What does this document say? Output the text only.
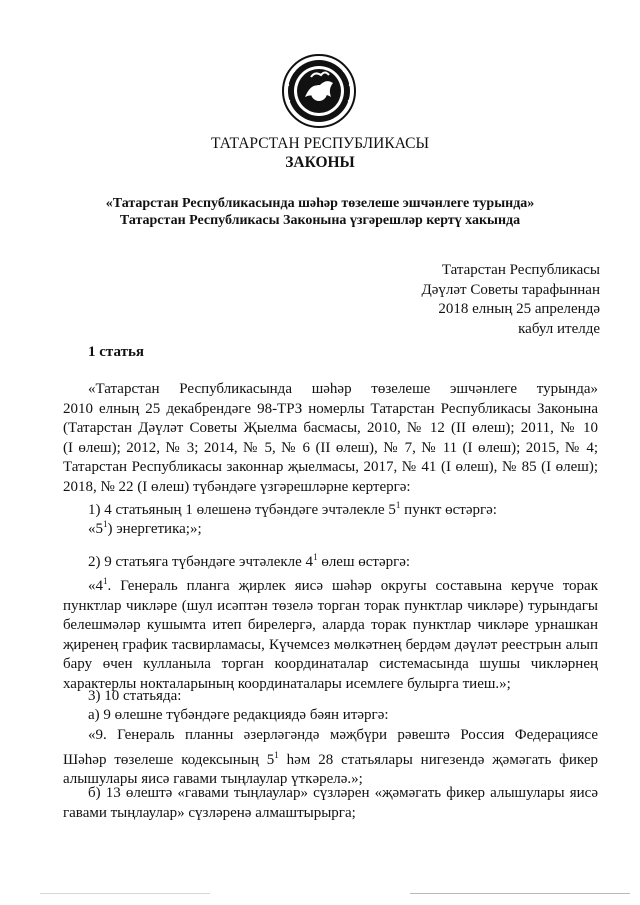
ТАТАРСТАН РЕСПУБЛИКАСЫ
ЗАКОНЫ
«Татарстан Республикасында шәһәр төзелеше эшчәнлеге турында»
Татарстан Республикасы Законына үзгәрешләр кертү хакында
Татарстан Республикасы
Дәүләт Советы тарафыннан
2018 елның 25 апрелендә
кабул ителде
1 статья
«Татарстан Республикасында шәһәр төзелеше эшчәнлеге турында»
2010 елның 25 декабрендәге 98-ТРЗ номерлы Татарстан Республикасы Законына
(Татарстан Дәүләт Советы Җыелма басмасы, 2010, № 12 (II өлеш); 2011, № 10
(I өлеш); 2012, № 3; 2014, № 5, № 6 (II өлеш), № 7, № 11 (I өлеш); 2015, № 4;
Татарстан Республикасы законнар җыелмасы, 2017, № 41 (I өлеш), № 85 (I өлеш);
2018, № 22 (I өлеш) түбәндәге үзгәрешләрне кертергә:
1) 4 статьяның 1 өлешенә түбәндәге эчтәлекле $5^1$ пункт өстәргә:
«$5^1$) энергетика;»;
2) 9 статьяга түбәндәге эчтәлекле $4^1$ өлеш өстәргә:
«$4^1$. Генераль планга җирлек яисә шәһәр округы составына керүче торак
пунктлар чикләре (шул исәптән төзелә торган торак пунктлар чикләре) турындагы
белешмәләр кушымта итеп бирелергә, аларда торак пунктлар чикләре урнашкан
җиренең график тасвирламасы, Күчемсез мөлкәтнең бердәм дәүләт реестрын алып
бару өчен кулланыла торган координаталар системасында шушы чикләрнең
характерлы нокталарының координаталары исемлеге булырга тиеш.»;
3) 10 статьяда:
а) 9 өлешне түбәндәге редакциядә бәян итәргә:
«9. Генераль планны әзерләгәндә мәҗбүри рәвештә Россия Федерациясе
Шәһәр төзелеше кодексының $5^1$ һәм 28 статьялары нигезендә җәмәгать фикер
алышулары яисә гавами тыңлаулар үткәрелә.»;
б) 13 өлештә «гавами тыңлаулар» сүзләрен «җәмәгать фикер алышулары яисә
гавами тыңлаулар» сүзләренә алмаштырырга;
